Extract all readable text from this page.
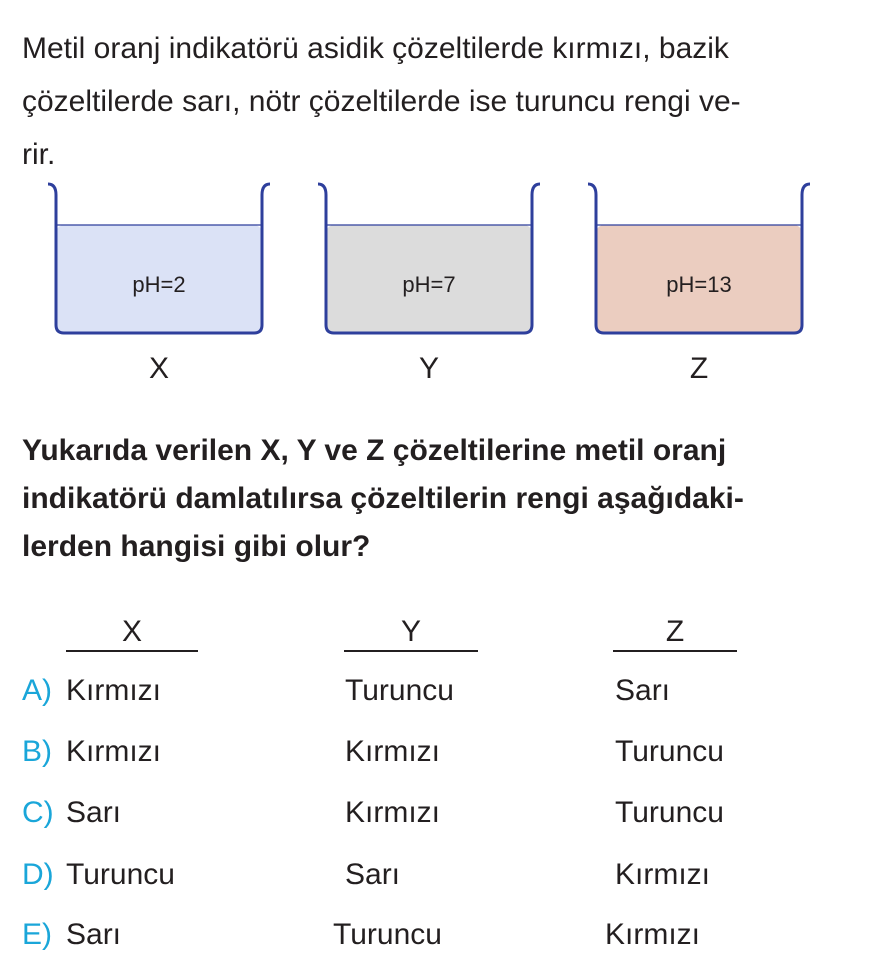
Metil oranj indikatörü asidik çözeltilerde kırmızı, bazik
çözeltilerde sarı, nötr çözeltilerde ise turuncu rengi ve-
rir.

pH=2
X
pH=7
Y
pH=13
Z

Yukarıda verilen X, Y ve Z çözeltilerine metil oranj
indikatörü damlatılırsa çözeltilerin rengi aşağıdaki-
lerden hangisi gibi olur?

X	Y	Z
A) Kırmızı	Turuncu	Sarı
B) Kırmızı	Kırmızı	Turuncu
C) Sarı	Kırmızı	Turuncu
D) Turuncu	Sarı	Kırmızı
E) Sarı	Turuncu	Kırmızı
